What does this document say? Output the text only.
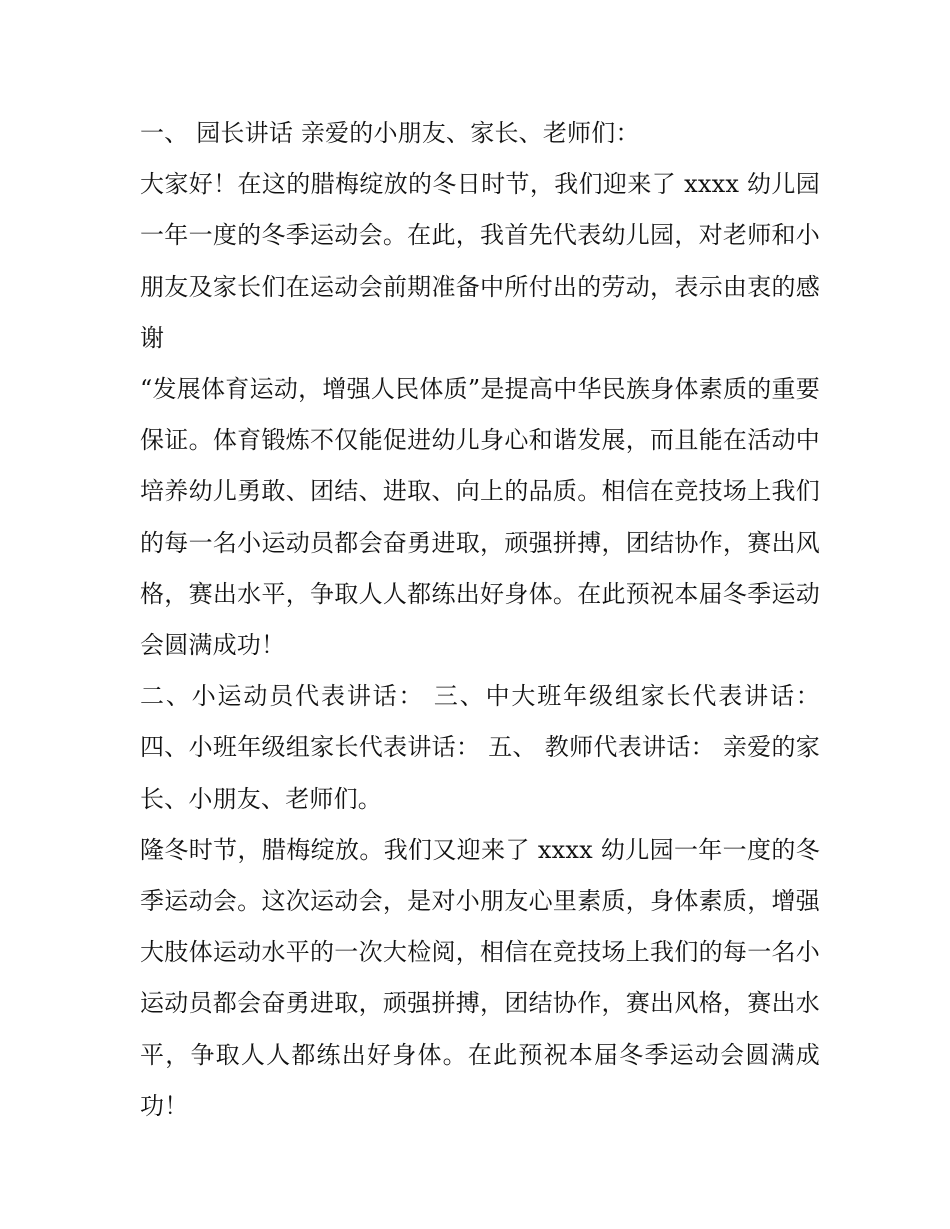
一、 园长讲话 亲爱的小朋友、家长、老师们：

大家好！在这的腊梅绽放的冬日时节，我们迎来了 xxxx 幼儿园一年一度的冬季运动会。在此，我首先代表幼儿园，对老师和小朋友及家长们在运动会前期准备中所付出的劳动，表示由衷的感谢

“发展体育运动，增强人民体质”是提高中华民族身体素质的重要保证。体育锻炼不仅能促进幼儿身心和谐发展，而且能在活动中培养幼儿勇敢、团结、进取、向上的品质。相信在竞技场上我们的每一名小运动员都会奋勇进取，顽强拼搏，团结协作，赛出风格，赛出水平，争取人人都练出好身体。在此预祝本届冬季运动会圆满成功！

二、小运动员代表讲话： 三、中大班年级组家长代表讲话： 四、小班年级组家长代表讲话： 五、 教师代表讲话： 亲爱的家长、小朋友、老师们。

隆冬时节，腊梅绽放。我们又迎来了 xxxx 幼儿园一年一度的冬季运动会。这次运动会，是对小朋友心里素质，身体素质，增强大肢体运动水平的一次大检阅，相信在竞技场上我们的每一名小运动员都会奋勇进取，顽强拼搏，团结协作，赛出风格，赛出水平，争取人人都练出好身体。在此预祝本届冬季运动会圆满成功！
